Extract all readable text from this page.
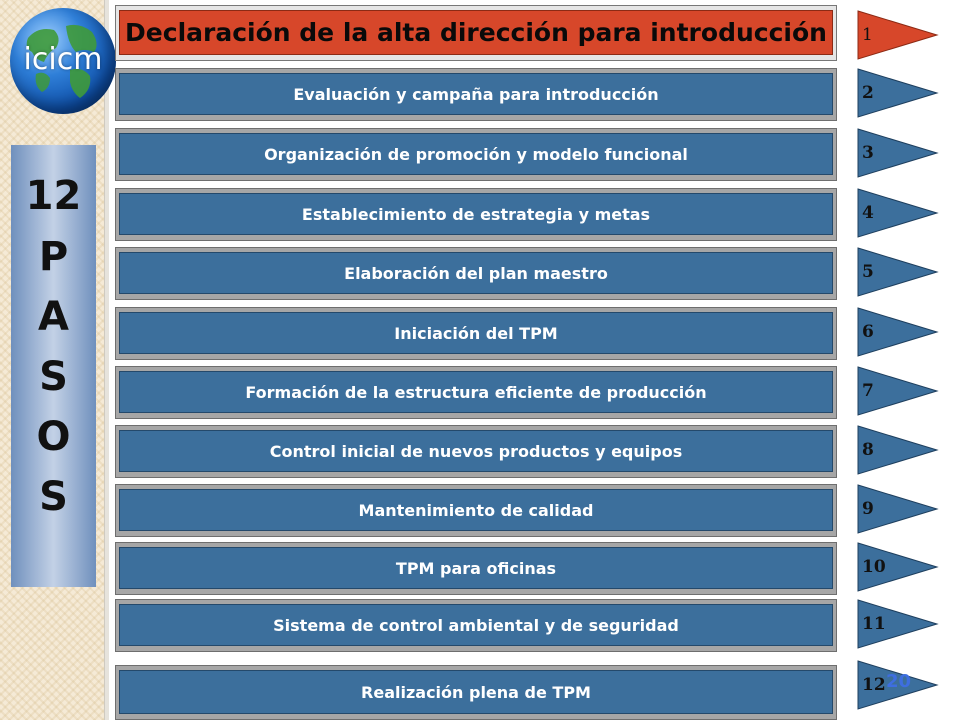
icicm
12
P
A
S
O
S
Declaración de la alta dirección para introducción	1
Evaluación y campaña para introducción	2
Organización de promoción y modelo funcional	3
Establecimiento de estrategia y metas	4
Elaboración del plan maestro	5
Iniciación del TPM	6
Formación de la estructura eficiente de producción	7
Control inicial de nuevos productos y equipos	8
Mantenimiento de calidad	9
TPM para oficinas	10
Sistema de control ambiental y de seguridad	11
Realización plena de TPM	12 20
